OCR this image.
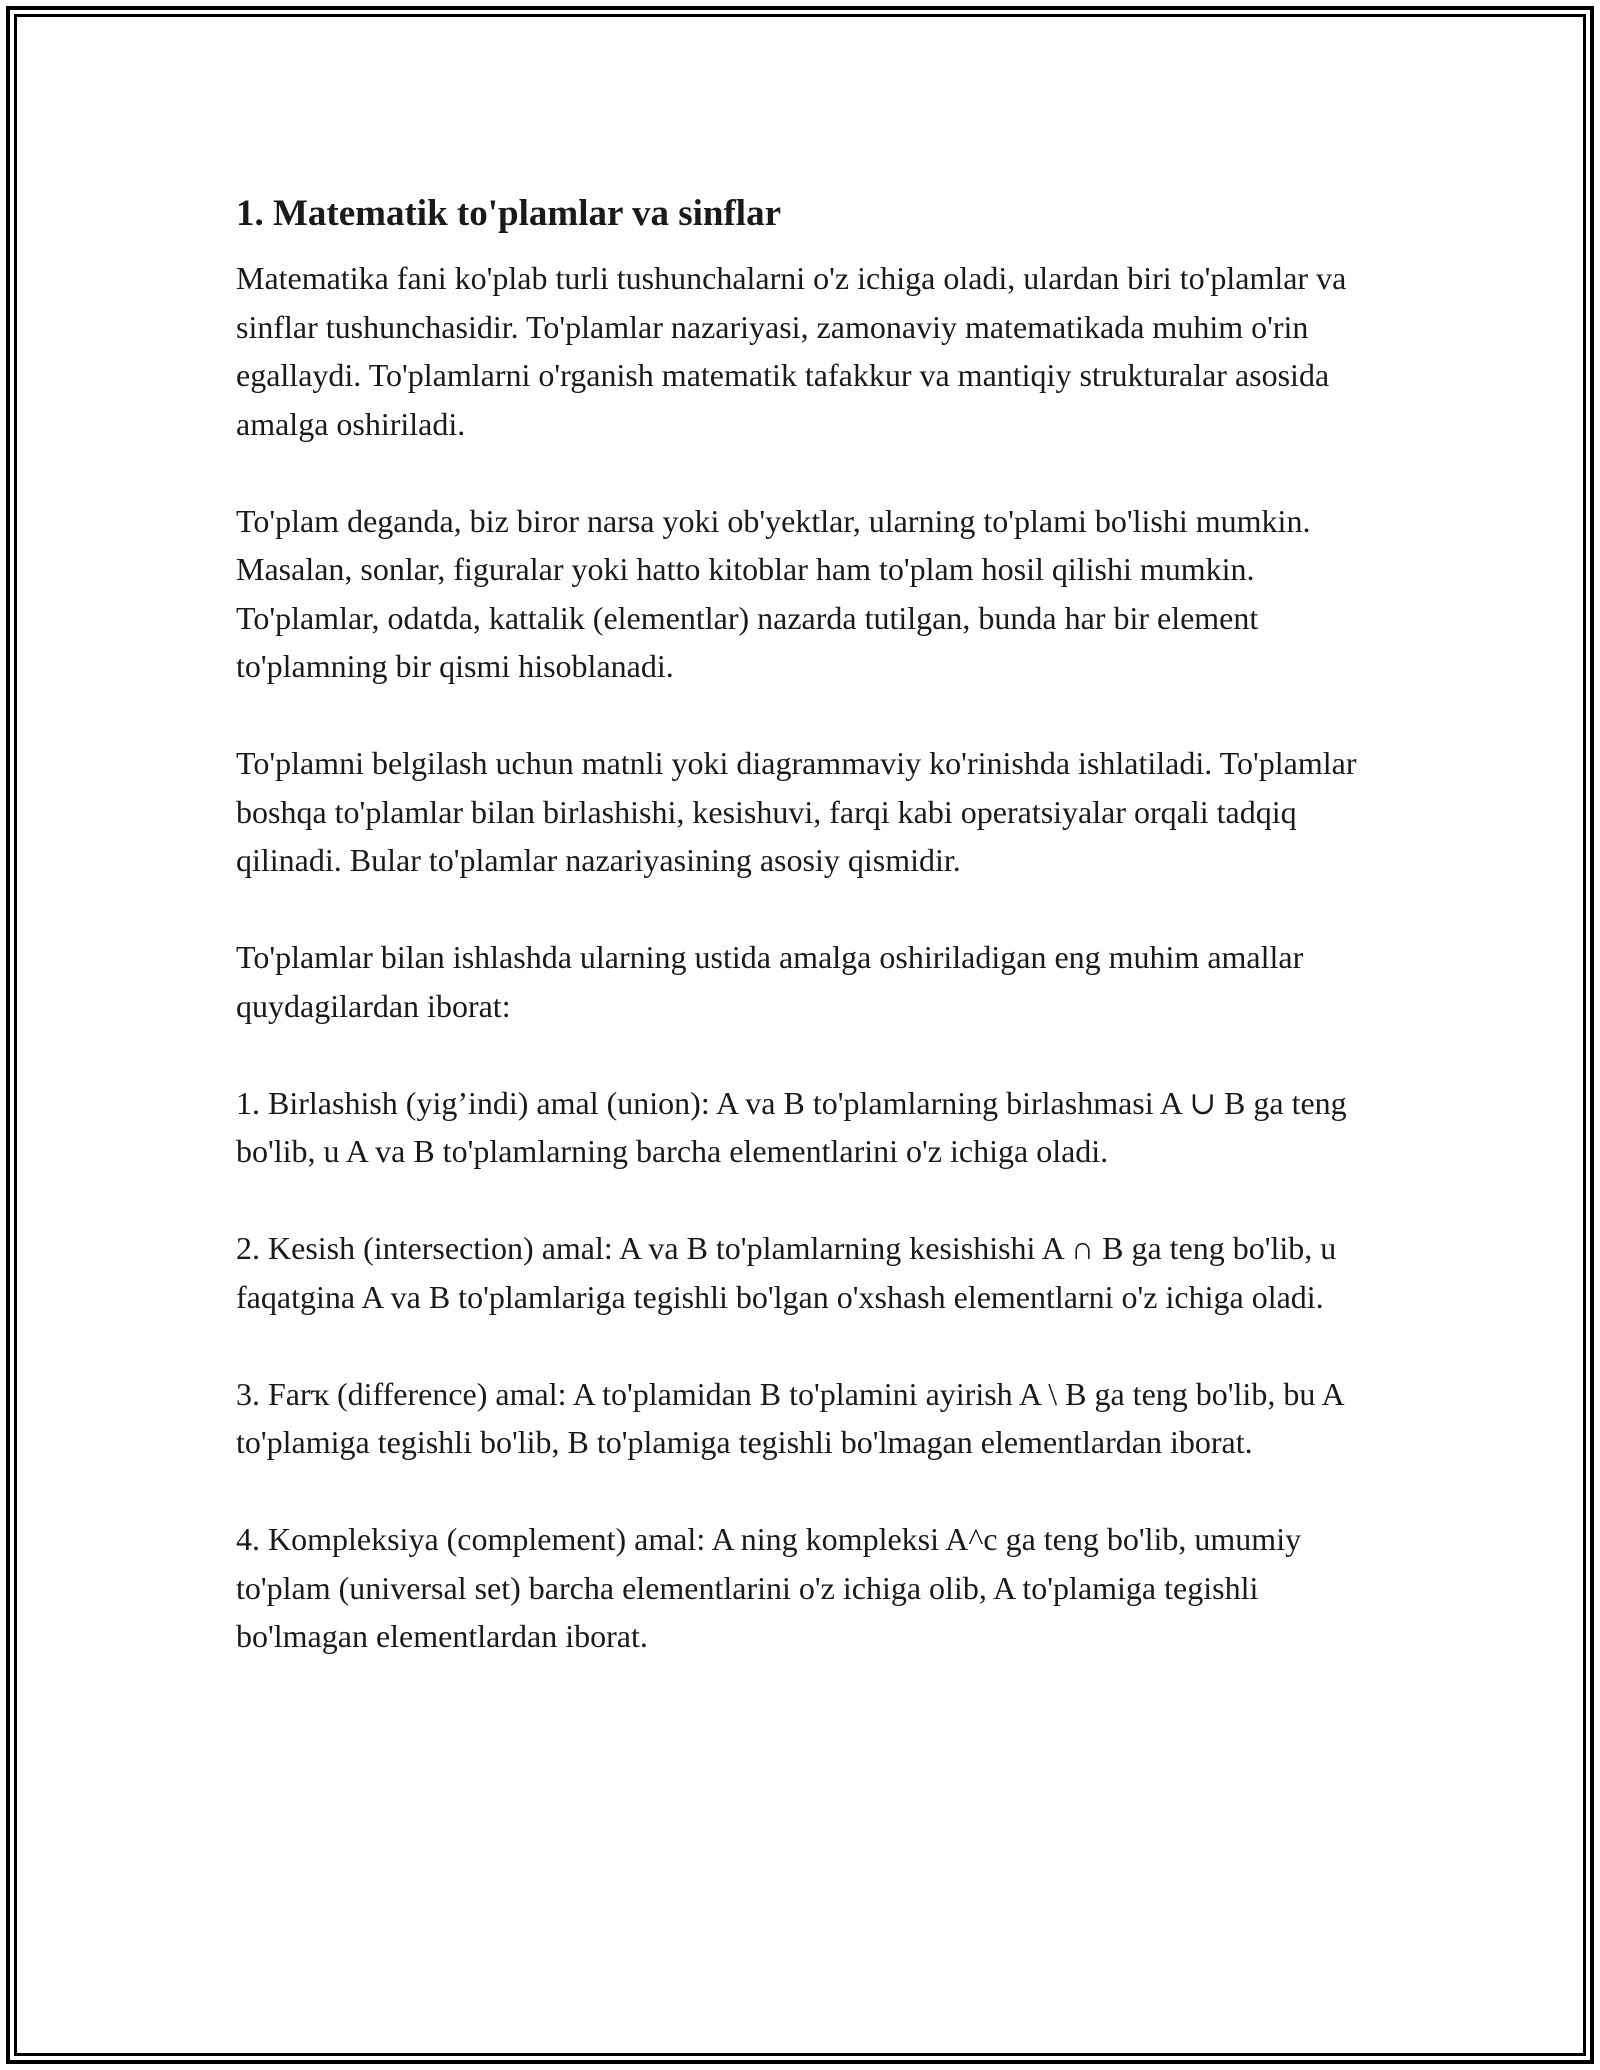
1. Matematik to'plamlar va sinflar
Matematika fani ko'plab turli tushunchalarni o'z ichiga oladi, ulardan biri to'plamlar va sinflar tushunchasidir. To'plamlar nazariyasi, zamonaviy matematikada muhim o'rin egallaydi. To'plamlarni o'rganish matematik tafakkur va mantiqiy strukturalar asosida amalga oshiriladi.
To'plam deganda, biz biror narsa yoki ob'yektlar, ularning to'plami bo'lishi mumkin. Masalan, sonlar, figuralar yoki hatto kitoblar ham to'plam hosil qilishi mumkin. To'plamlar, odatda, kattalik (elementlar) nazarda tutilgan, bunda har bir element to'plamning bir qismi hisoblanadi.
To'plamni belgilash uchun matnli yoki diagrammaviy ko'rinishda ishlatiladi. To'plamlar boshqa to'plamlar bilan birlashishi, kesishuvi, farqi kabi operatsiyalar orqali tadqiq qilinadi. Bular to'plamlar nazariyasining asosiy qismidir.
To'plamlar bilan ishlashda ularning ustida amalga oshiriladigan eng muhim amallar quydagilardan iborat:
1. Birlashish (yig’indi) amal (union): A va B to'plamlarning birlashmasi A ∪ B ga teng bo'lib, u A va B to'plamlarning barcha elementlarini o'z ichiga oladi.
2. Kesish (intersection) amal: A va B to'plamlarning kesishishi A ∩ B ga teng bo'lib, u faqatgina A va B to'plamlariga tegishli bo'lgan o'xshash elementlarni o'z ichiga oladi.
3. Farҡ (difference) amal: A to'plamidan B to'plamini ayirish A \ B ga teng bo'lib, bu A to'plamiga tegishli bo'lib, B to'plamiga tegishli bo'lmagan elementlardan iborat.
4. Kompleksiya (complement) amal: A ning kompleksi A^c ga teng bo'lib, umumiy to'plam (universal set) barcha elementlarini o'z ichiga olib, A to'plamiga tegishli bo'lmagan elementlardan iborat.
